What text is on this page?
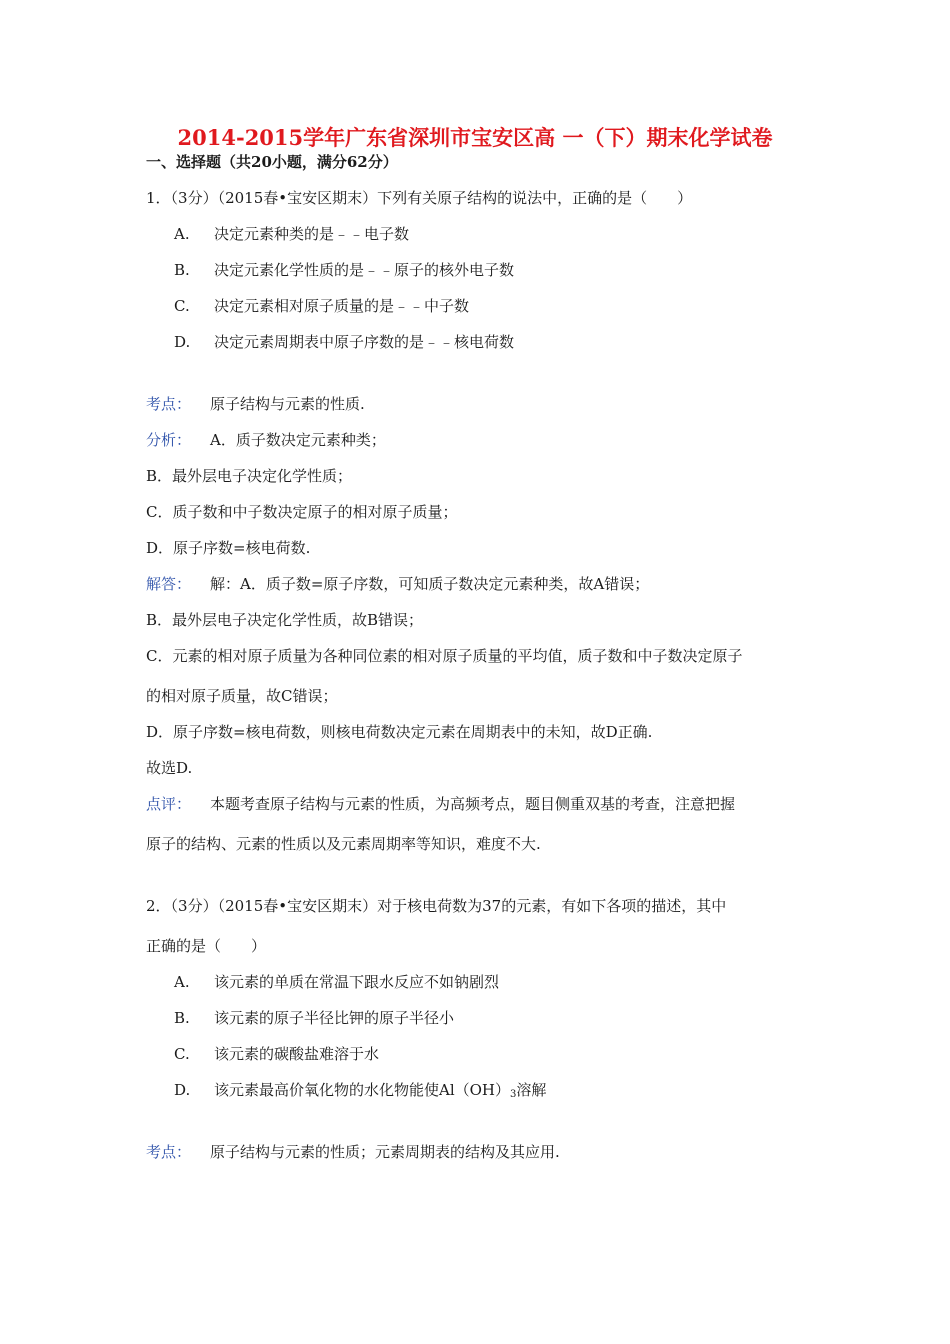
2014-2015学年广东省深圳市宝安区高 一（下）期末化学试卷
一、选择题（共20小题，满分62分）
1．（3分）（2015春•宝安区期末）下列有关原子结构的说法中，正确的是（　　）
A. 决定元素种类的是﹣﹣电子数
B. 决定元素化学性质的是﹣﹣原子的核外电子数
C. 决定元素相对原子质量的是﹣﹣中子数
D. 决定元素周期表中原子序数的是﹣﹣核电荷数
考点： 原子结构与元素的性质.
分析： A．质子数决定元素种类；
B．最外层电子决定化学性质；
C．质子数和中子数决定原子的相对原子质量；
D．原子序数=核电荷数.
解答： 解：A．质子数=原子序数，可知质子数决定元素种类，故A错误；
B．最外层电子决定化学性质，故B错误；
C．元素的相对原子质量为各种同位素的相对原子质量的平均值，质子数和中子数决定原子
的相对原子质量，故C错误；
D．原子序数=核电荷数，则核电荷数决定元素在周期表中的未知，故D正确.
故选D.
点评： 本题考查原子结构与元素的性质，为高频考点，题目侧重双基的考查，注意把握
原子的结构、元素的性质以及元素周期率等知识，难度不大.
2．（3分）（2015春•宝安区期末）对于核电荷数为37的元素，有如下各项的描述，其中
正确的是（　　）
A. 该元素的单质在常温下跟水反应不如钠剧烈
B. 该元素的原子半径比钾的原子半径小
C. 该元素的碳酸盐难溶于水
D. 该元素最高价氧化物的水化物能使$Al(OH)_3$溶解
考点： 原子结构与元素的性质；元素周期表的结构及其应用.
